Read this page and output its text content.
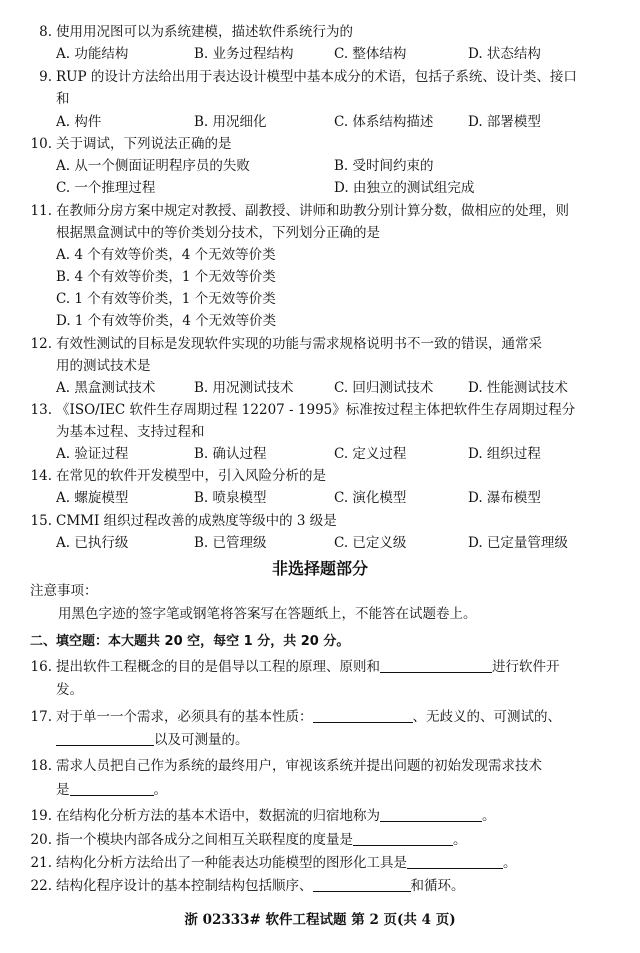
8. 使用用况图可以为系统建模，描述软件系统行为的
A. 功能结构	B. 业务过程结构	C. 整体结构	D. 状态结构
9. RUP 的设计方法给出用于表达设计模型中基本成分的术语，包括子系统、设计类、接口
和
A. 构件	B. 用况细化	C. 体系结构描述	D. 部署模型
10. 关于调试，下列说法正确的是
A. 从一个侧面证明程序员的失败	B. 受时间约束的
C. 一个推理过程	D. 由独立的测试组完成
11. 在教师分房方案中规定对教授、副教授、讲师和助教分别计算分数，做相应的处理，则
根据黑盒测试中的等价类划分技术，下列划分正确的是
A. 4 个有效等价类，4 个无效等价类
B. 4 个有效等价类，1 个无效等价类
C. 1 个有效等价类，1 个无效等价类
D. 1 个有效等价类，4 个无效等价类
12. 有效性测试的目标是发现软件实现的功能与需求规格说明书不一致的错误，通常采
用的测试技术是
A. 黑盒测试技术	B. 用况测试技术	C. 回归测试技术	D. 性能测试技术
13. 《ISO/IEC 软件生存周期过程 12207 - 1995》标准按过程主体把软件生存周期过程分
为基本过程、支持过程和
A. 验证过程	B. 确认过程	C. 定义过程	D. 组织过程
14. 在常见的软件开发模型中，引入风险分析的是
A. 螺旋模型	B. 喷泉模型	C. 演化模型	D. 瀑布模型
15. CMMI 组织过程改善的成熟度等级中的 3 级是
A. 已执行级	B. 已管理级	C. 已定义级	D. 已定量管理级
非选择题部分
注意事项：
用黑色字迹的签字笔或钢笔将答案写在答题纸上，不能答在试题卷上。
二、填空题：本大题共 20 空，每空 1 分，共 20 分。
16. 提出软件工程概念的目的是倡导以工程的原理、原则和	进行软件开
发。
17. 对于单一一个需求，必须具有的基本性质：	、无歧义的、可测试的、
以及可测量的。
18. 需求人员把自己作为系统的最终用户，审视该系统并提出问题的初始发现需求技术
是	。
19. 在结构化分析方法的基本术语中，数据流的归宿地称为	。
20. 指一个模块内部各成分之间相互关联程度的度量是	。
21. 结构化分析方法给出了一种能表达功能模型的图形化工具是	。
22. 结构化程序设计的基本控制结构包括顺序、	和循环。
浙 02333# 软件工程试题 第 2 页(共 4 页)
